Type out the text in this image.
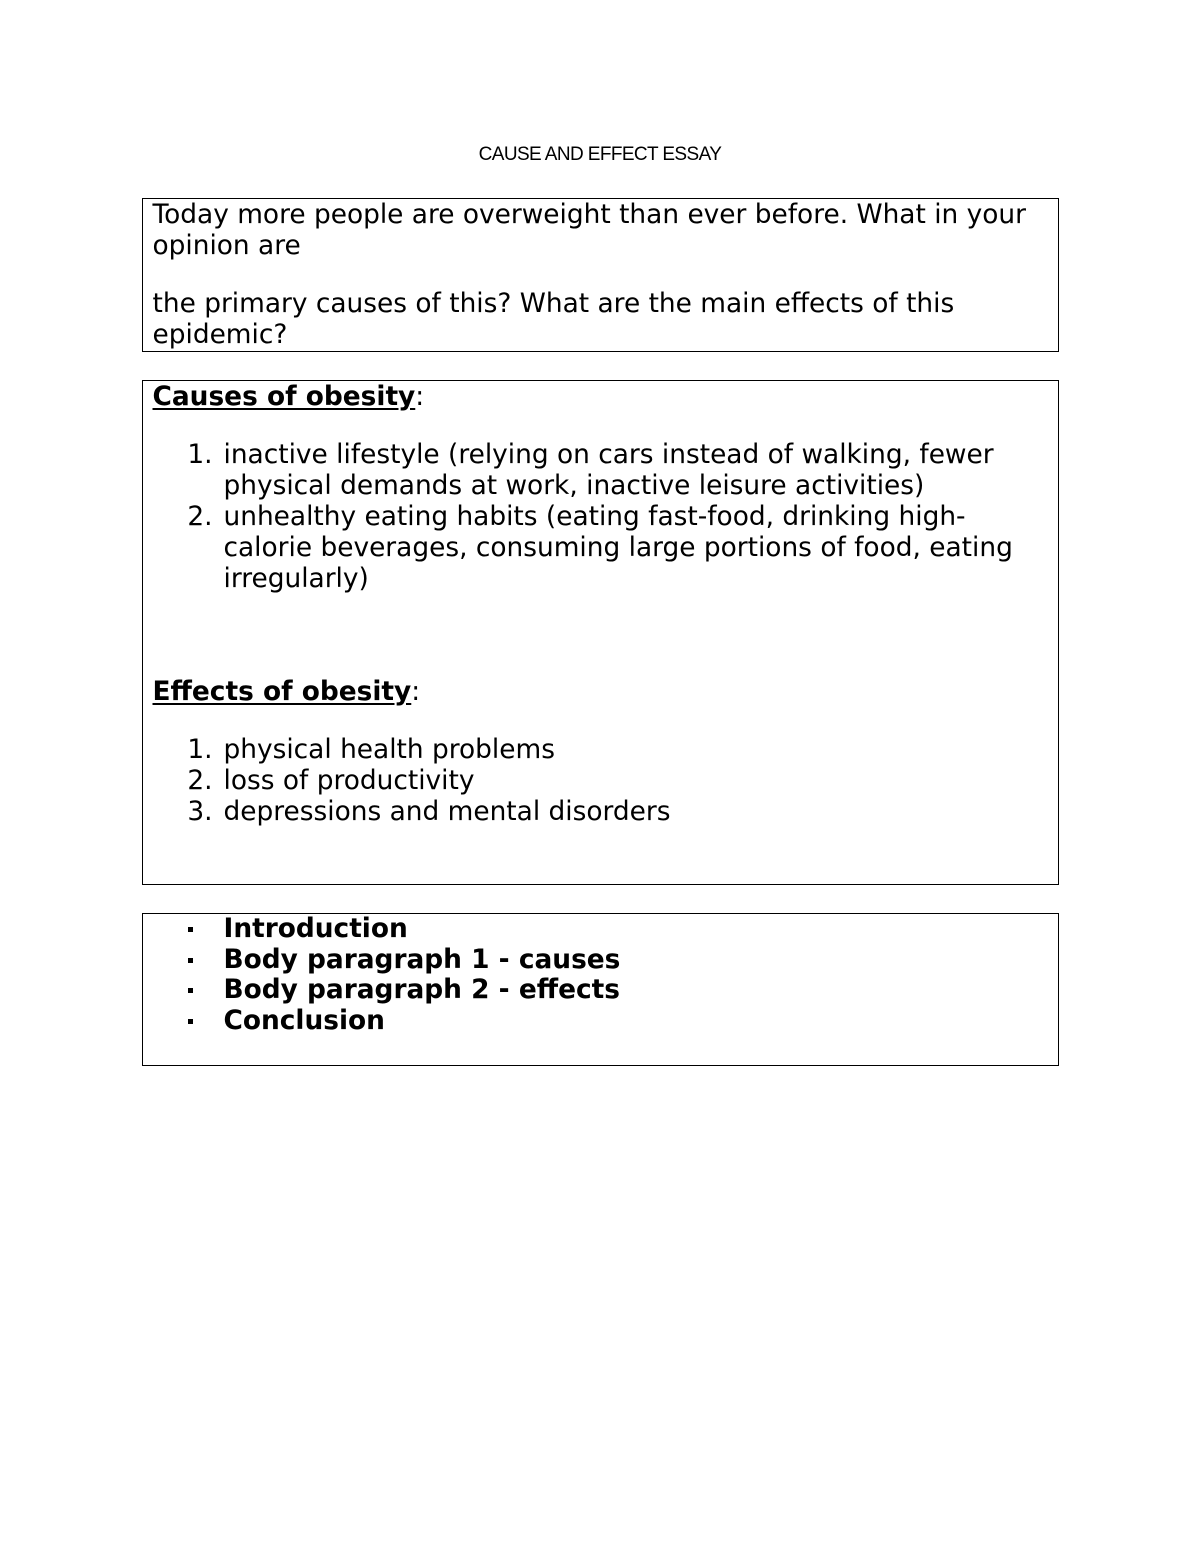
CAUSE AND EFFECT ESSAY

Today more people are overweight than ever before. What in your opinion are

the primary causes of this? What are the main effects of this epidemic?

Causes of obesity:

1. inactive lifestyle (relying on cars instead of walking, fewer physical demands at work, inactive leisure activities)
2. unhealthy eating habits (eating fast-food, drinking high-calorie beverages, consuming large portions of food, eating irregularly)

Effects of obesity:

1. physical health problems
2. loss of productivity
3. depressions and mental disorders
Introduction
Body paragraph 1 - causes
Body paragraph 2 - effects
Conclusion
